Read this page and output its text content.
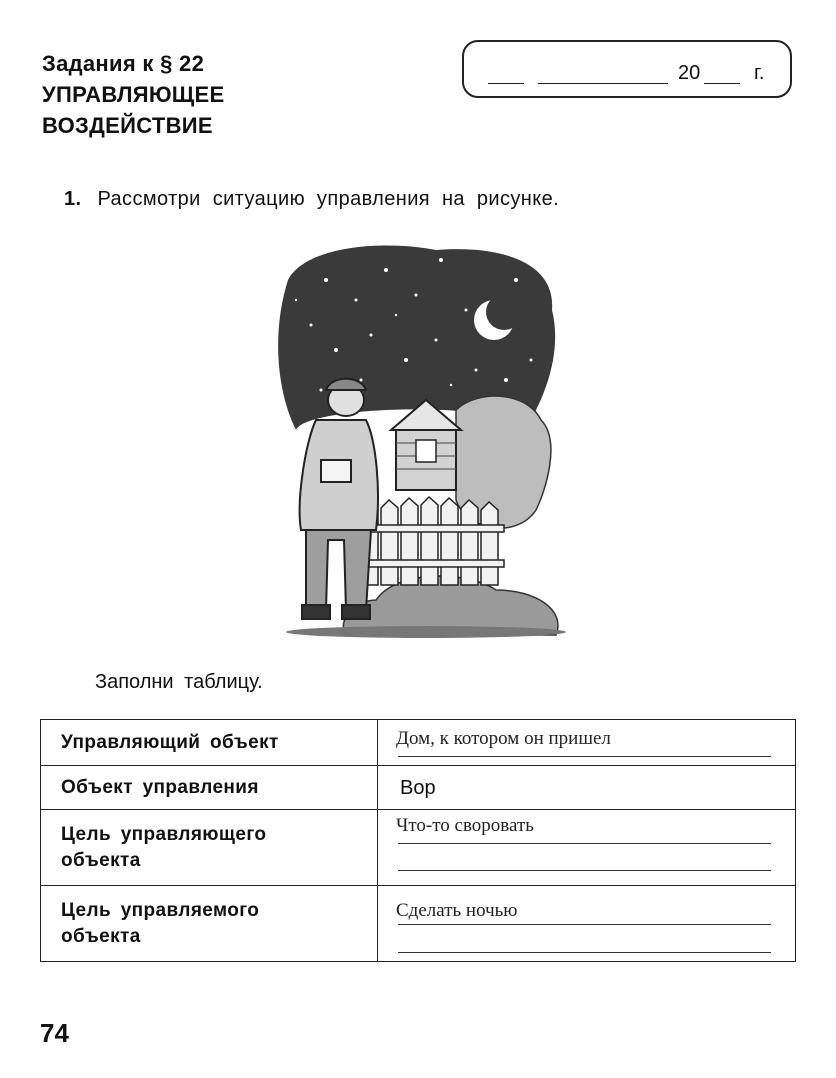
Задания к § 22
УПРАВЛЯЮЩЕЕ
ВОЗДЕЙСТВИЕ
20	г.
1. Рассмотри ситуацию управления на рисунке.
Заполни таблицу.
Управляющий объект	Дом, к котором он пришел

Объект управления	Вор

Цель управляющего
объекта	Что-то своровать

Цель управляемого
объекта	Сделать ночью
74
